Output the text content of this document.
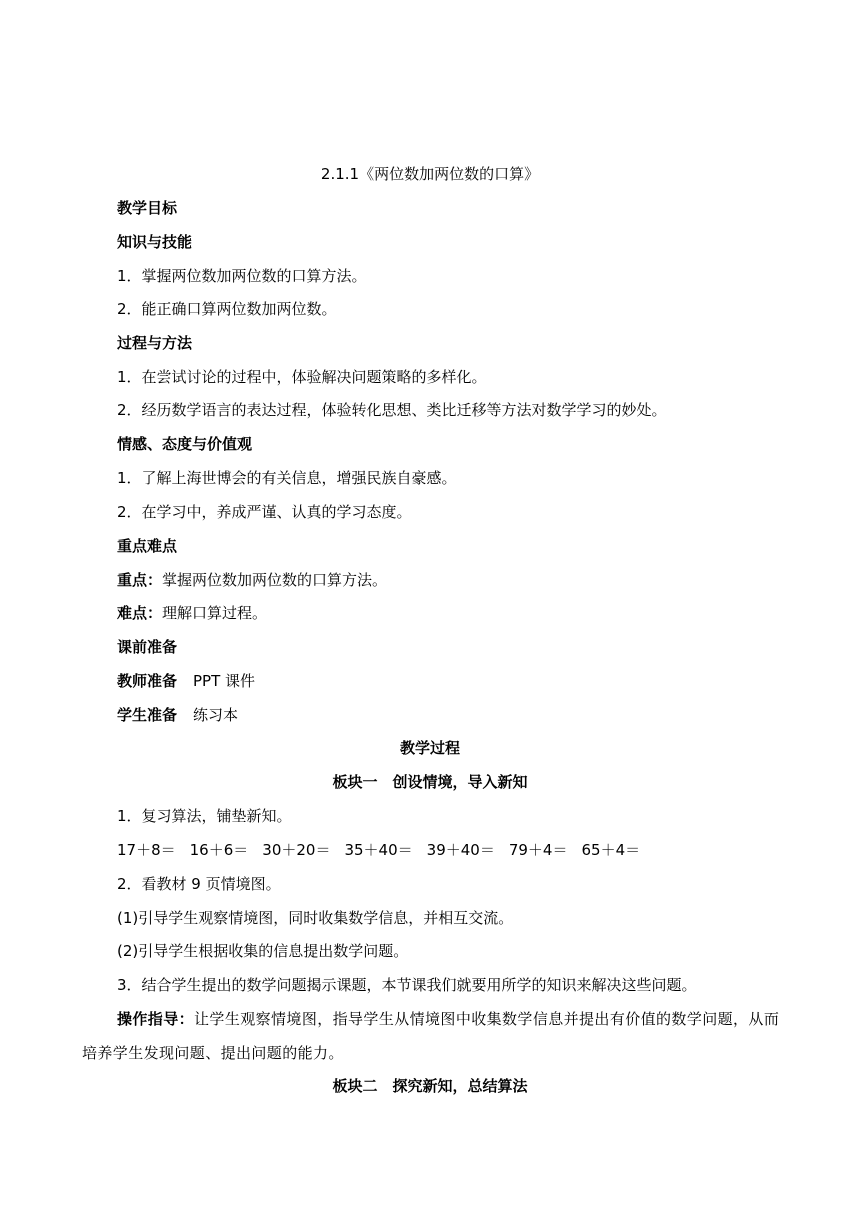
2.1.1《两位数加两位数的口算》
教学目标
知识与技能
1．掌握两位数加两位数的口算方法。
2．能正确口算两位数加两位数。
过程与方法
1．在尝试讨论的过程中，体验解决问题策略的多样化。
2．经历数学语言的表达过程，体验转化思想、类比迁移等方法对数学学习的妙处。
情感、态度与价值观
1．了解上海世博会的有关信息，增强民族自豪感。
2．在学习中，养成严谨、认真的学习态度。
重点难点
重点：掌握两位数加两位数的口算方法。
难点：理解口算过程。
课前准备
教师准备 PPT 课件
学生准备 练习本
教学过程
板块一　创设情境，导入新知
1．复习算法，铺垫新知。
17＋8＝ 16＋6＝ 30＋20＝ 35＋40＝ 39＋40＝ 79＋4＝ 65＋4＝
2．看教材 9 页情境图。
(1)引导学生观察情境图，同时收集数学信息，并相互交流。
(2)引导学生根据收集的信息提出数学问题。
3．结合学生提出的数学问题揭示课题，本节课我们就要用所学的知识来解决这些问题。
操作指导：让学生观察情境图，指导学生从情境图中收集数学信息并提出有价值的数学问题，从而培养学生发现问题、提出问题的能力。
板块二　探究新知，总结算法
